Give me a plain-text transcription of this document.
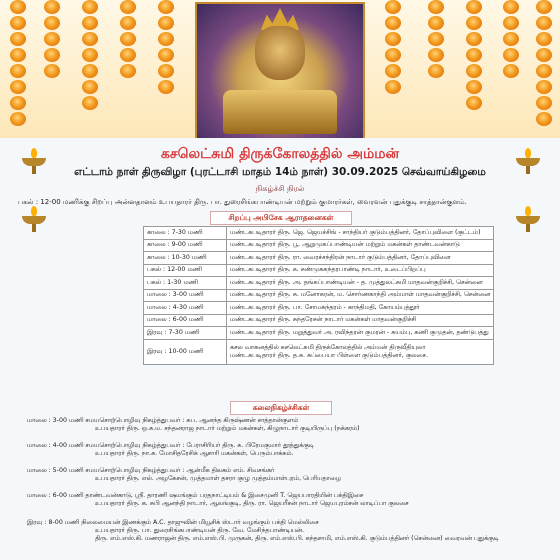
கசலெட்சுமி திருக்கோலத்தில் அம்மன்
எட்டாம் நாள் திருவிழா (புரட்டாசி மாதம் 14ம் நாள்) 30.09.2025 செவ்வாய்கிழமை
நிகழ்ச்சி நிரல்
பகல் : 12-00 மணிக்கு சிறப்பு அன்னதானம் உபயதாரர் திரு. பா. துரைசிங்கபாண்டியன் மற்றும் குமாரர்கள், வைரவன் புதுக்குடி சாத்தான்குளம்.
சிறப்பு அபிசேக ஆராதனைகள்
காலை : 7-30 மணி	மண்டகபடிதாரர் திரு. ஜெ. ஜெயச்சிங் - சாந்தியர் குடும்பத்தினர், தோப்புவிளை (குட்டம்)
காலை : 9-00 மணி	மண்டகபடிதாரர் திரு. பூ. ஆறுமுகப்பாண்டியன் மற்றும் மகன்கள் தாண்டவன்காடு
காலை : 10-30 மணி	மண்டகபடிதாரர் திரு. ரா. வைரச்சந்திரன் நாடார் குடும்பத்தினர், தோப்புவிளை
பகல் : 12-00 மணி	மண்டகபடிதாரர் திரு. க. சண்முகசுந்தரபாண்டி நாடார், உடைப்பிறப்பு
பகல் : 1-30 மணி	மண்டகபடிதாரர் திரு. அ. தங்கப்பாண்டியன் - த. முத்துலட்சுமி மாதவன்குறிச்சி, சென்னை
மாலை : 3-00 மணி	மண்டகபடிதாரர் திரு. சு. மனோகரன், ம. சொர்ணகாந்தி அம்மாள் மாதவன்குறிச்சி, சென்னை
மாலை : 4-30 மணி	மண்டகபடிதாரர் திரு. பா. சோமசுந்தரம் - காந்திமதி, கோயம்புத்தூர்
மாலை : 6-00 மணி	மண்டகபடிதாரர் திரு. சுந்தரேசன் நாடார் மகன்கள் மாதவன்குறிச்சி
இரவு : 7-30 மணி	மண்டகபடிதாரர் திரு. மறுத்துவர் அ. ரவிந்தரன் குமரன் - சுயம்பு, கணி குமுதன், தண்டுபத்து
இரவு : 10-00 மணி	கசல வாகனத்தில் கசலெட்சுமி திருக்கோலத்தில் அம்மன் திருவீதியுலா
மண்டகபடிதாரர் திரு. த.சு. சுப்பையா பிள்ளை குடும்பத்தினர், குலசை.
கலைநிகழ்ச்சிகள்
மாலை : 3-00 மணி சமயசொற்பொழிவு நிகழ்த்துபவர் : சுப. ஆனந்த கிருஷ்ணன் சாத்தான்குளம்
உபயதாரர் திரு. ஒ.சு.ம. சந்தனராஜ நாடார் மற்றும் மகன்கள், கிழுநாடார் குடியிருப்பு (நக்கரம்)
மாலை : 4-00 மணி சமயசொற்பொழிவு நிகழ்த்துபவர் : பேராசிரியர் திரு. க. பிரேமகுமார் தூத்துக்குடி
உபயதாரர் திரு. நா.சு. மோசிதரேசிக் ஆசாரி மகன்கள், பெரும்பாக்கம்.
மாலை : 5-00 மணி சமயசொற்பொழிவு நிகழ்த்துபவர் : ஆன்மீக திலகம் எம். சிவசங்கர்
உபயதாரர் திரு. எல். அழகேசன், முத்தமாள் தசரா குழு முத்தம்மாள்புரம், பெரியதாழை
மாலை : 6-00 மணி தாண்டவன்காடு, ஸ்ரீ. தாரணி ஷமங்கும் பரதநாட்டியம் & இசைமுனி T. ஜெயபாரதியின் பக்திஇசை
உபயதாரர் திரு. க. சுபி ஆனந்தி நாடார், ஆலங்குடி, திரு. ரா. ஜெயரீசன் நாடார் ஜெயபுரம்சன் லாடிப்பா குலசை
இரவு : 8-00 மணி நிலைமையன் இணக்கும் A.C. தாஜுவின் மியூசிக் ஸ்டார் வழங்கும் பக்தி மெல்லிசை
உபயதாரர் திரு. பா. துரைசிங்கபாண்டியன் திரு. வே. மேசிந்தபாண்டியன்.
திரு. எம்.எஸ்.கி. மணராஜன் திரு. எம்.எஸ்.பி. முருகன், திரு. எம்.எஸ்.பி. கந்தசாமி, எம்.எஸ்.கி. குடும்பத்தினர் (சென்னை) வைரவன் புதுக்குடி
